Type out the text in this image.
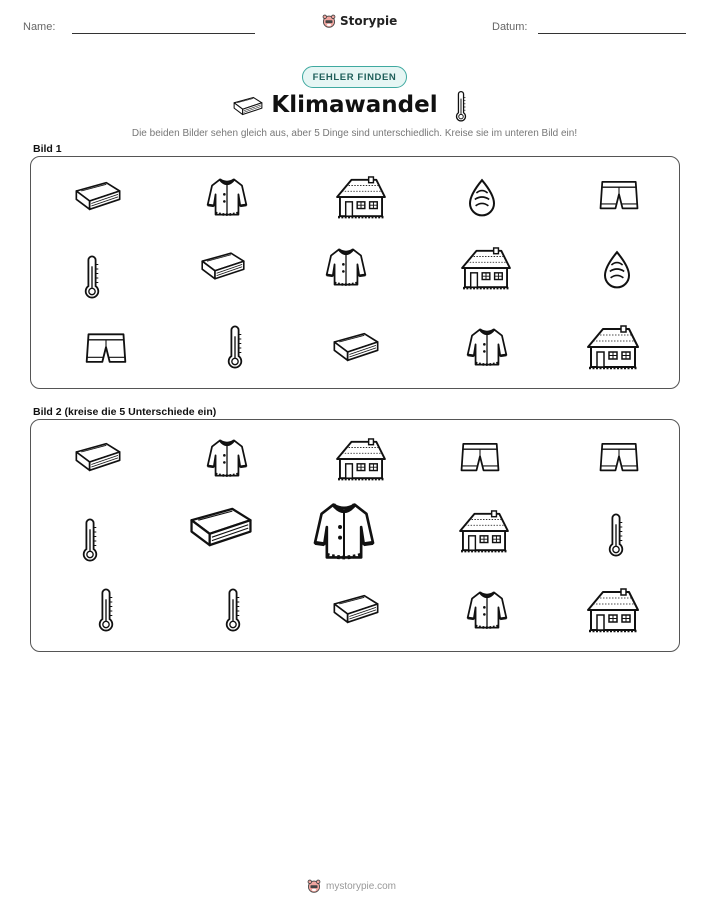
Name:	Storypie	Datum:
FEHLER FINDEN
Klimawandel
Die beiden Bilder sehen gleich aus, aber 5 Dinge sind unterschiedlich. Kreise sie im unteren Bild ein!
Bild 1
Bild 2 (kreise die 5 Unterschiede ein)
mystorypie.com
